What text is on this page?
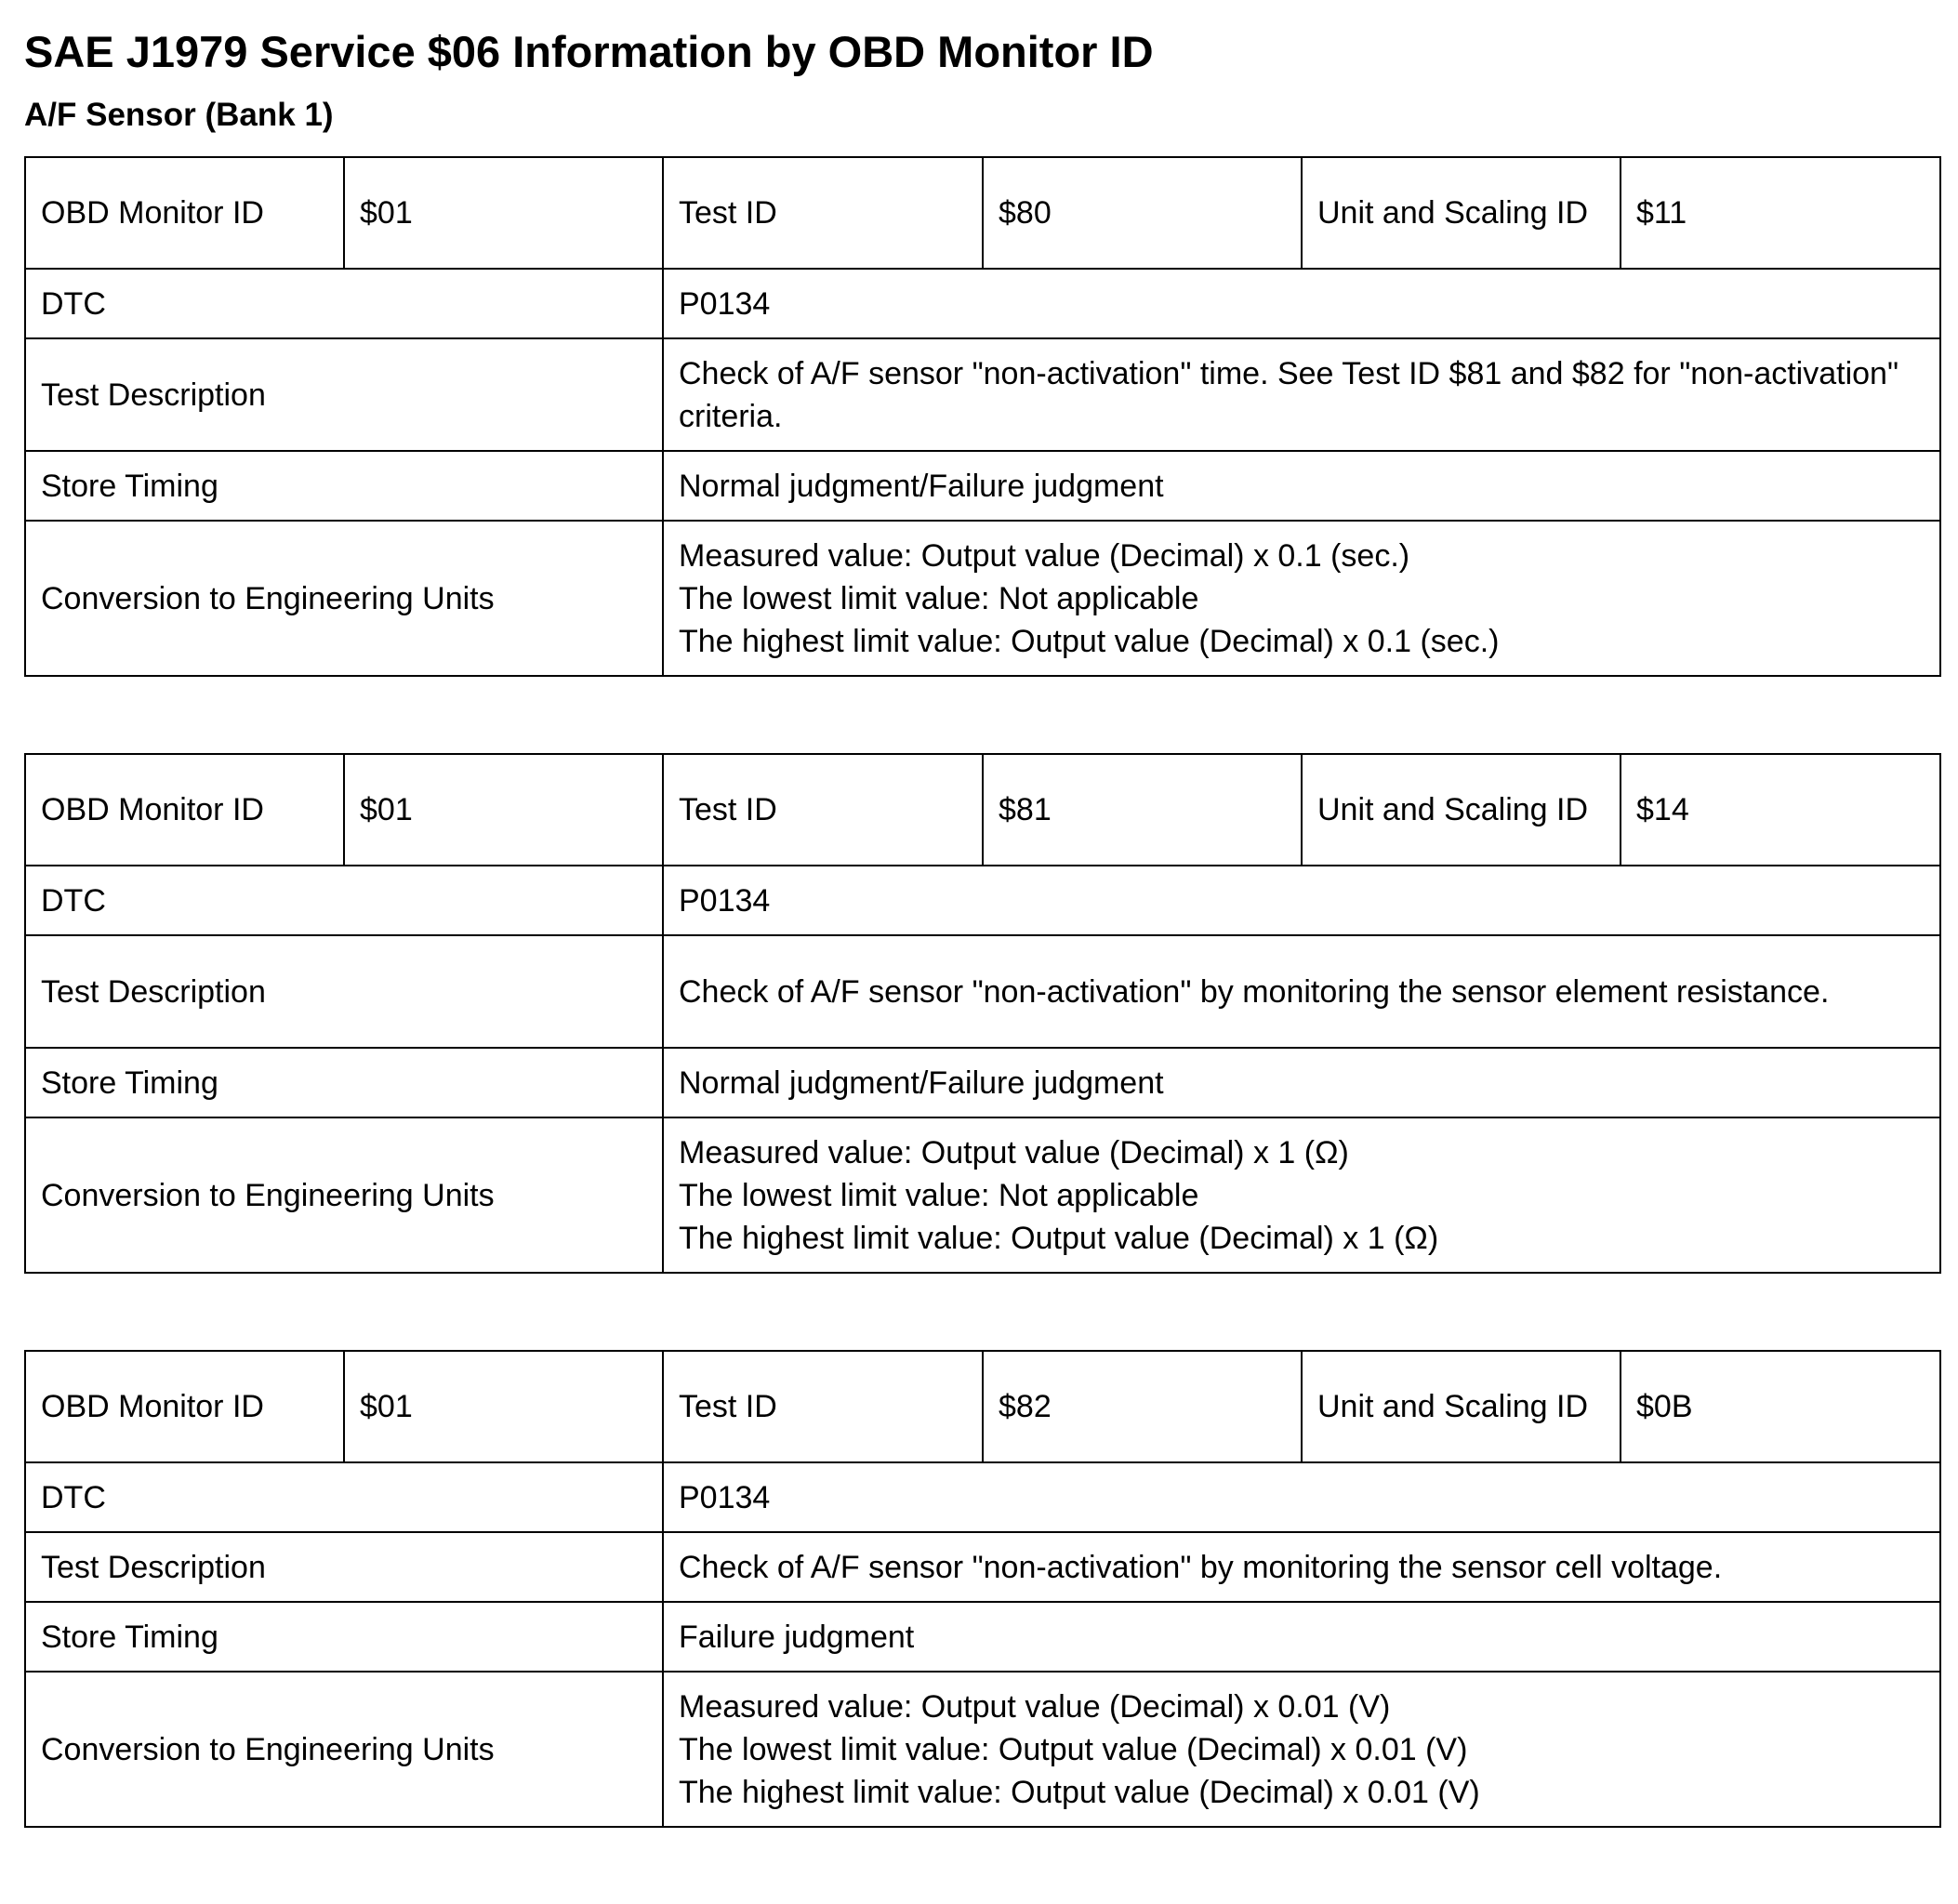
SAE J1979 Service $06 Information by OBD Monitor ID
A/F Sensor (Bank 1)
OBD Monitor ID	$01	Test ID	$80	Unit and Scaling ID	$11
DTC		P0134			
Test Description		Check of A/F sensor "non-activation" time. See Test ID $81 and $82 for "non-activation" criteria.			
Store Timing		Normal judgment/Failure judgment			
Conversion to Engineering Units		Measured value: Output value (Decimal) x 0.1 (sec.)
The lowest limit value: Not applicable
The highest limit value: Output value (Decimal) x 0.1 (sec.)			
OBD Monitor ID	$01	Test ID	$81	Unit and Scaling ID	$14
DTC		P0134			
Test Description		Check of A/F sensor "non-activation" by monitoring the sensor element resistance.			
Store Timing		Normal judgment/Failure judgment			
Conversion to Engineering Units		Measured value: Output value (Decimal) x 1 (Ω)
The lowest limit value: Not applicable
The highest limit value: Output value (Decimal) x 1 (Ω)			
OBD Monitor ID	$01	Test ID	$82	Unit and Scaling ID	$0B
DTC		P0134			
Test Description		Check of A/F sensor "non-activation" by monitoring the sensor cell voltage.			
Store Timing		Failure judgment			
Conversion to Engineering Units		Measured value: Output value (Decimal) x 0.01 (V)
The lowest limit value: Output value (Decimal) x 0.01 (V)
The highest limit value: Output value (Decimal) x 0.01 (V)			
